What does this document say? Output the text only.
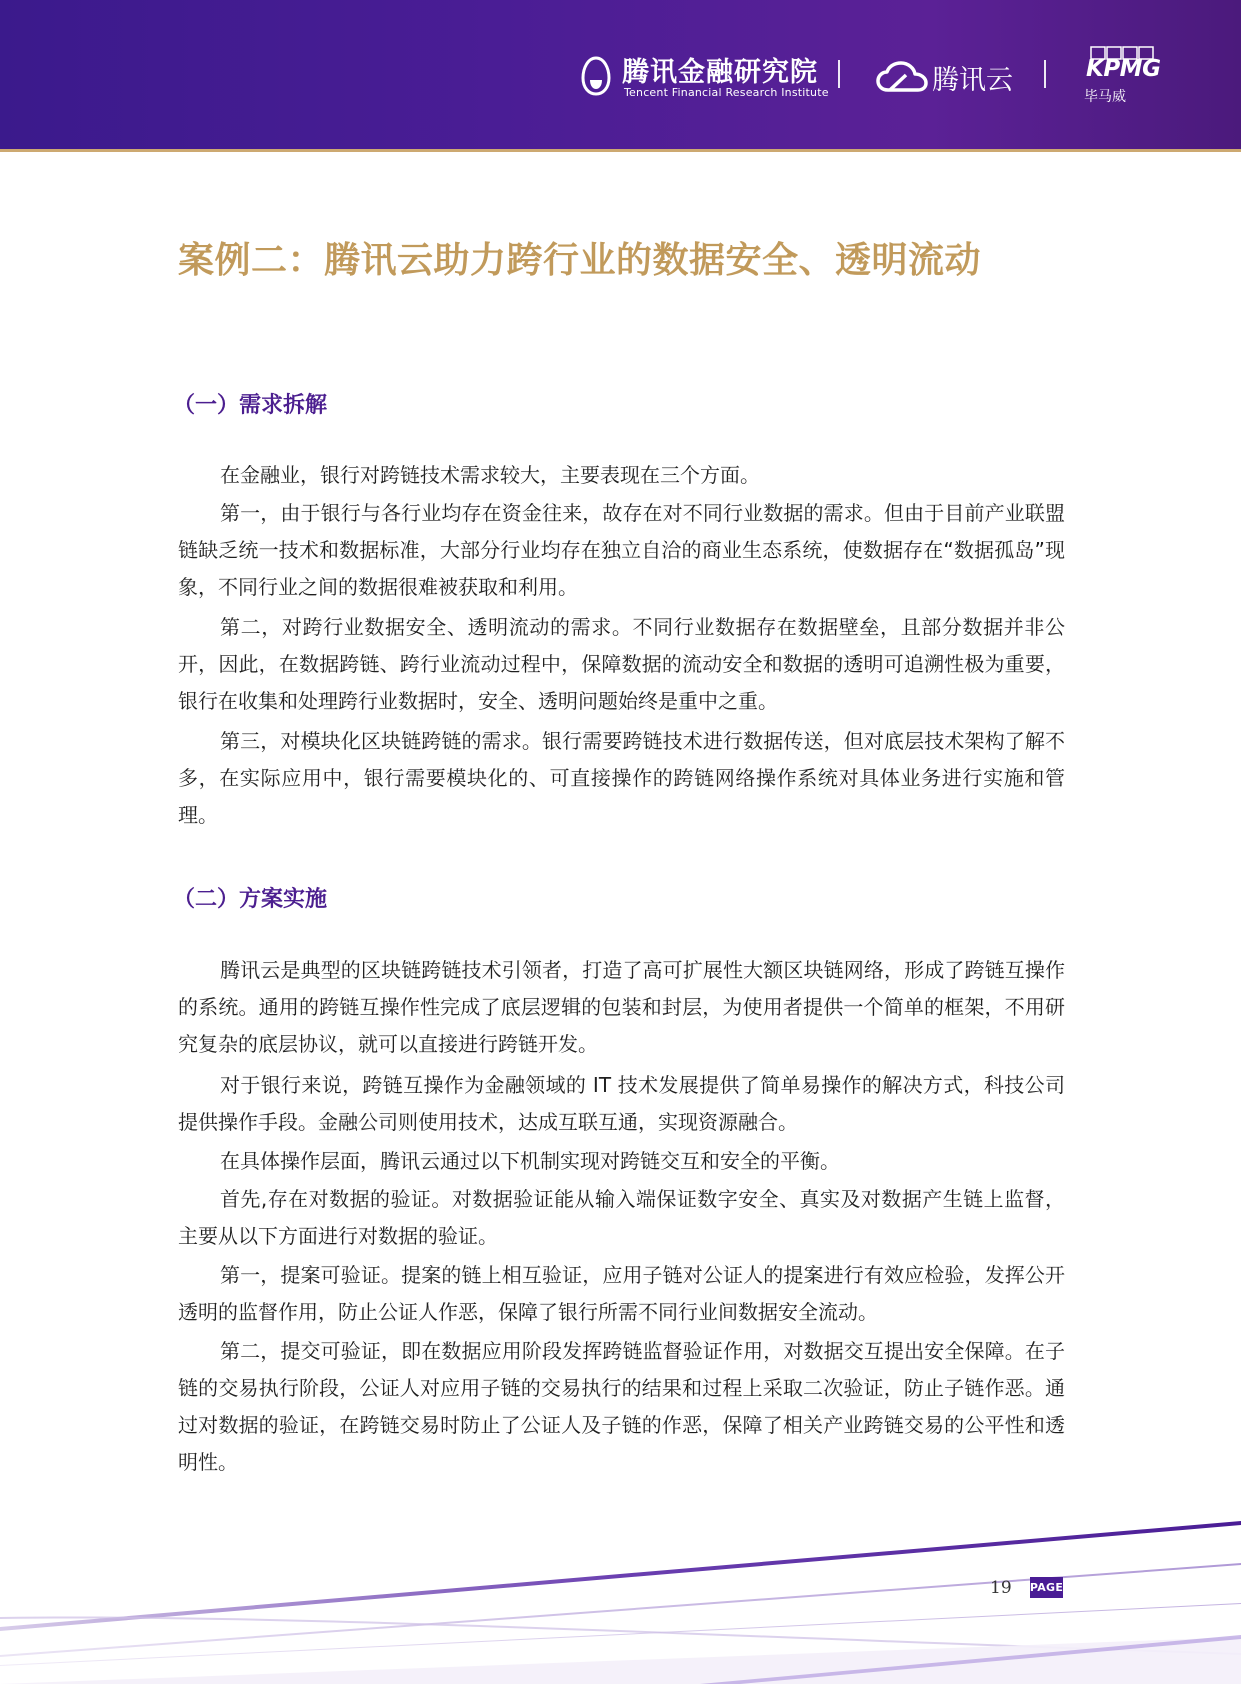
腾讯金融研究院
Tencent Financial Research Institute	腾讯云	KPMG
毕马威
案例二：腾讯云助力跨行业的数据安全、透明流动
（一）需求拆解

在金融业，银行对跨链技术需求较大，主要表现在三个方面。

第一，由于银行与各行业均存在资金往来，故存在对不同行业数据的需求。但由于目前产业联盟链缺乏统一技术和数据标准，大部分行业均存在独立自洽的商业生态系统，使数据存在“数据孤岛”现象，不同行业之间的数据很难被获取和利用。

第二，对跨行业数据安全、透明流动的需求。不同行业数据存在数据壁垒，且部分数据并非公开，因此，在数据跨链、跨行业流动过程中，保障数据的流动安全和数据的透明可追溯性极为重要，银行在收集和处理跨行业数据时，安全、透明问题始终是重中之重。

第三，对模块化区块链跨链的需求。银行需要跨链技术进行数据传送，但对底层技术架构了解不多，在实际应用中，银行需要模块化的、可直接操作的跨链网络操作系统对具体业务进行实施和管理。

（二）方案实施

腾讯云是典型的区块链跨链技术引领者，打造了高可扩展性大额区块链网络，形成了跨链互操作的系统。通用的跨链互操作性完成了底层逻辑的包装和封层，为使用者提供一个简单的框架，不用研究复杂的底层协议，就可以直接进行跨链开发。

对于银行来说，跨链互操作为金融领域的 IT 技术发展提供了简单易操作的解决方式，科技公司提供操作手段。金融公司则使用技术，达成互联互通，实现资源融合。

在具体操作层面，腾讯云通过以下机制实现对跨链交互和安全的平衡。

首先,存在对数据的验证。对数据验证能从输入端保证数字安全、真实及对数据产生链上监督，主要从以下方面进行对数据的验证。

第一，提案可验证。提案的链上相互验证，应用子链对公证人的提案进行有效应检验，发挥公开透明的监督作用，防止公证人作恶，保障了银行所需不同行业间数据安全流动。

第二，提交可验证，即在数据应用阶段发挥跨链监督验证作用，对数据交互提出安全保障。在子链的交易执行阶段，公证人对应用子链的交易执行的结果和过程上采取二次验证，防止子链作恶。通过对数据的验证，在跨链交易时防止了公证人及子链的作恶，保障了相关产业跨链交易的公平性和透明性。

19 PAGE
